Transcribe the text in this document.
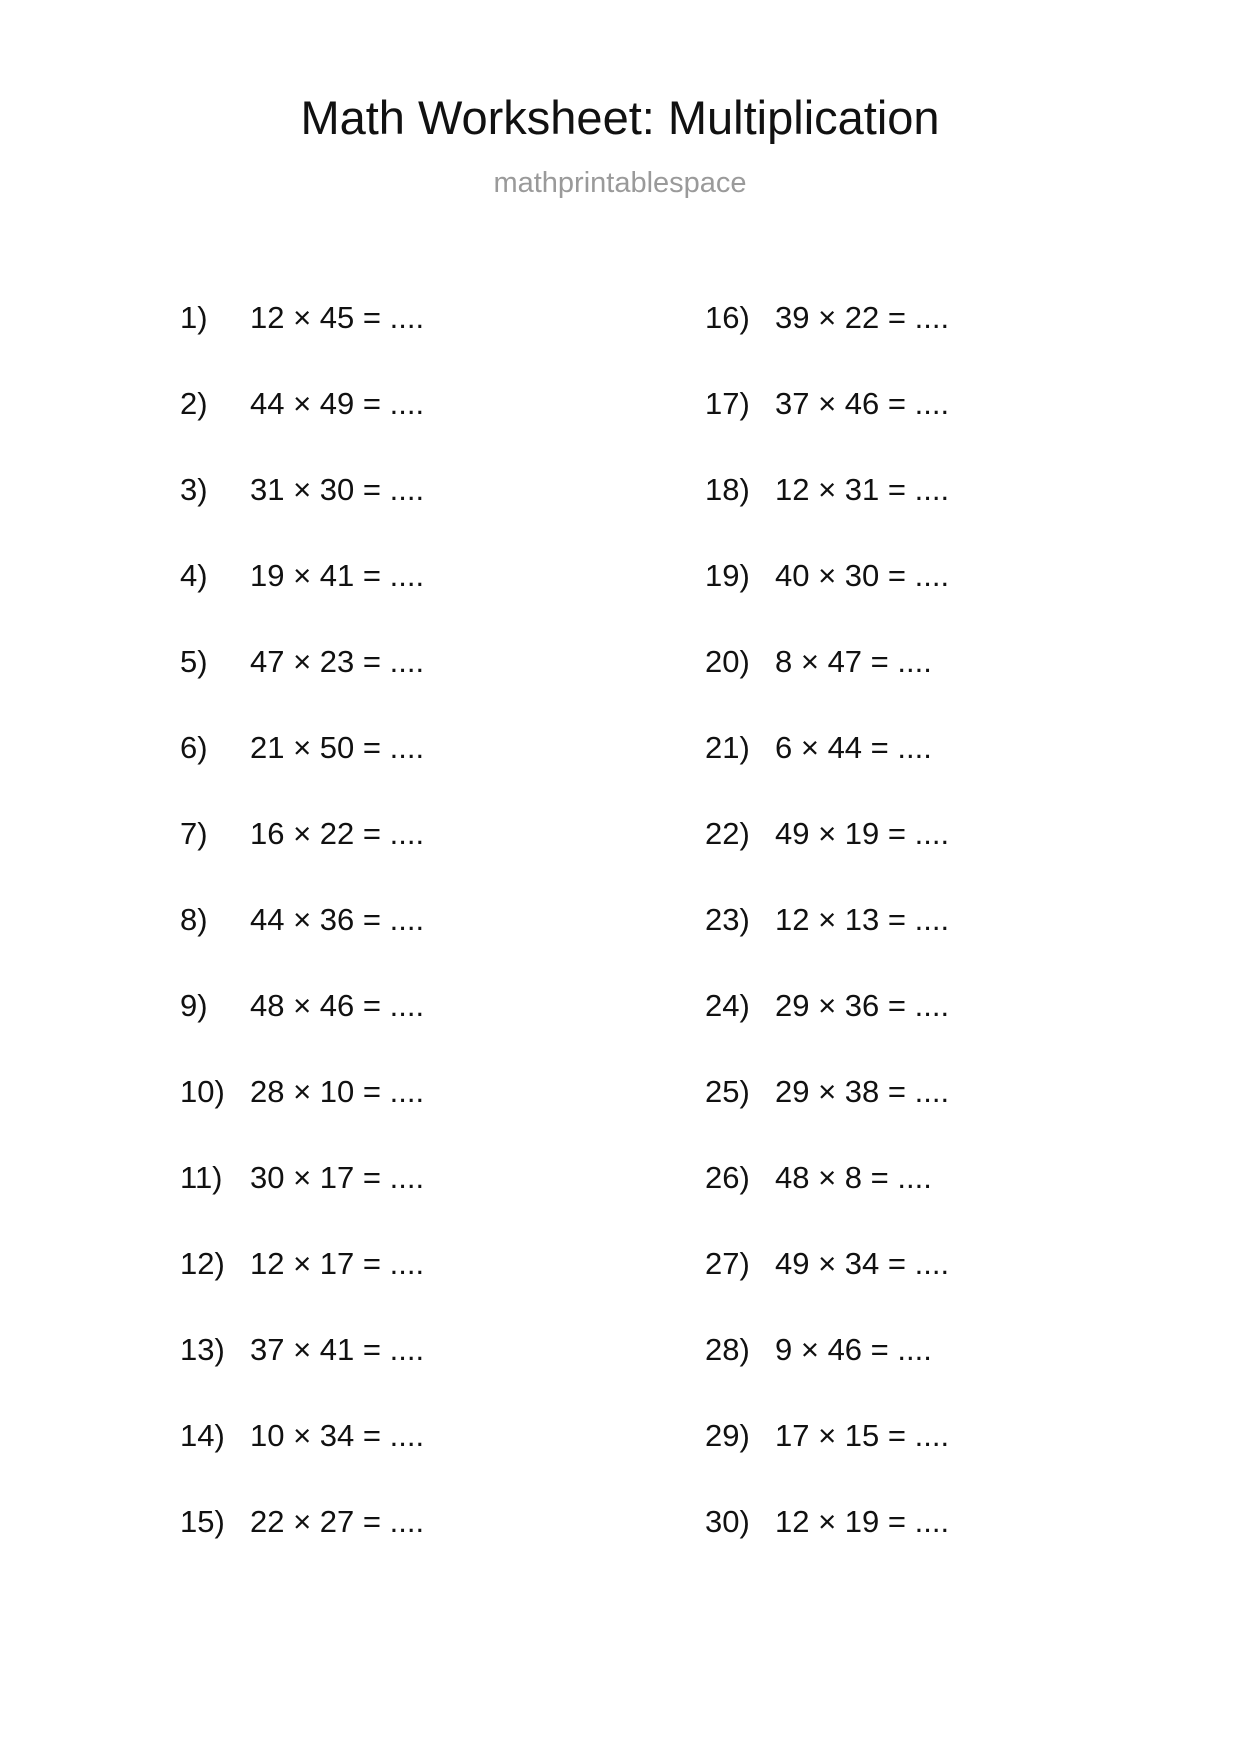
Math Worksheet: Multiplication
mathprintablespace
1)	12 × 45 = ....
2)	44 × 49 = ....
3)	31 × 30 = ....
4)	19 × 41 = ....
5)	47 × 23 = ....
6)	21 × 50 = ....
7)	16 × 22 = ....
8)	44 × 36 = ....
9)	48 × 46 = ....
10) 28 × 10 = ....
11) 30 × 17 = ....
12) 12 × 17 = ....
13) 37 × 41 = ....
14) 10 × 34 = ....
15) 22 × 27 = ....
16) 39 × 22 = ....
17) 37 × 46 = ....
18) 12 × 31 = ....
19) 40 × 30 = ....
20) 8 × 47 = ....
21) 6 × 44 = ....
22) 49 × 19 = ....
23) 12 × 13 = ....
24) 29 × 36 = ....
25) 29 × 38 = ....
26) 48 × 8 = ....
27) 49 × 34 = ....
28) 9 × 46 = ....
29) 17 × 15 = ....
30) 12 × 19 = ....
